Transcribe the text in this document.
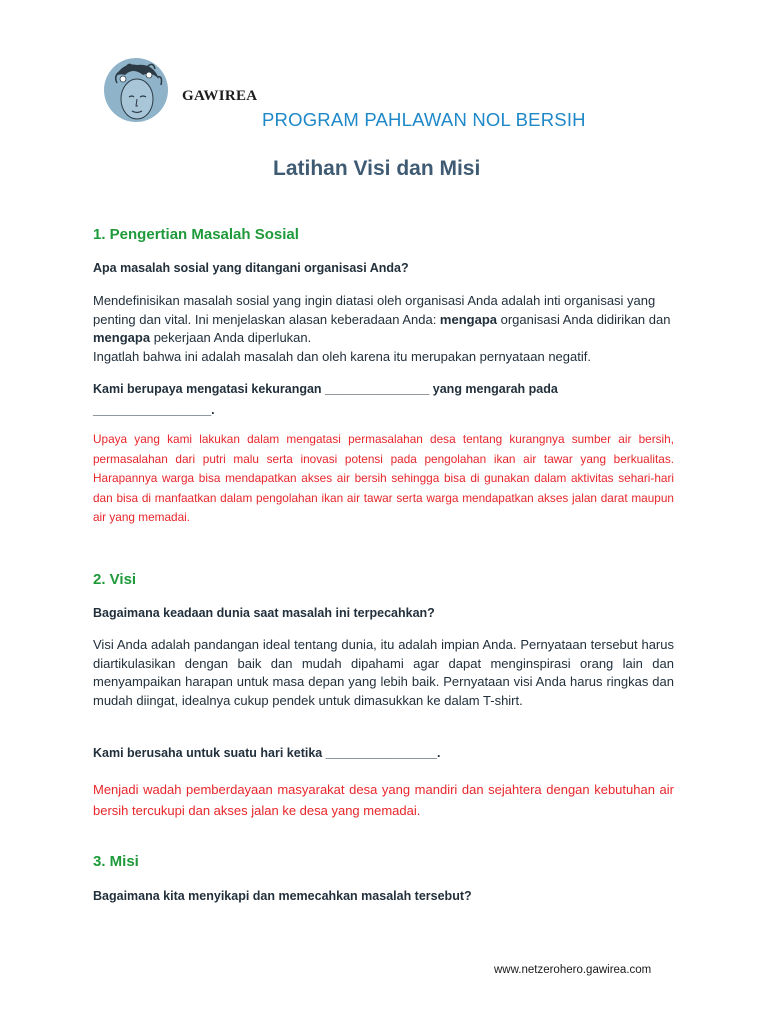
GAWIREA
PROGRAM PAHLAWAN NOL BERSIH
Latihan Visi dan Misi
1. Pengertian Masalah Sosial
Apa masalah sosial yang ditangani organisasi Anda?
Mendefinisikan masalah sosial yang ingin diatasi oleh organisasi Anda adalah inti organisasi yang penting dan vital. Ini menjelaskan alasan keberadaan Anda: mengapa organisasi Anda didirikan dan mengapa pekerjaan Anda diperlukan.
Ingatlah bahwa ini adalah masalah dan oleh karena itu merupakan pernyataan negatif.
Kami berupaya mengatasi kekurangan _______________ yang mengarah pada _________________.
Upaya yang kami lakukan dalam mengatasi permasalahan desa tentang kurangnya sumber air bersih, permasalahan dari putri malu serta inovasi potensi pada pengolahan ikan air tawar yang berkualitas. Harapannya warga bisa mendapatkan akses air bersih sehingga bisa di gunakan dalam aktivitas sehari-hari dan bisa di manfaatkan dalam pengolahan ikan air tawar serta warga mendapatkan akses jalan darat maupun air yang memadai.
2. Visi
Bagaimana keadaan dunia saat masalah ini terpecahkan?
Visi Anda adalah pandangan ideal tentang dunia, itu adalah impian Anda. Pernyataan tersebut harus diartikulasikan dengan baik dan mudah dipahami agar dapat menginspirasi orang lain dan menyampaikan harapan untuk masa depan yang lebih baik. Pernyataan visi Anda harus ringkas dan mudah diingat, idealnya cukup pendek untuk dimasukkan ke dalam T-shirt.
Kami berusaha untuk suatu hari ketika ________________.
Menjadi wadah pemberdayaan masyarakat desa yang mandiri dan sejahtera dengan kebutuhan air bersih tercukupi dan akses jalan ke desa yang memadai.
3. Misi
Bagaimana kita menyikapi dan memecahkan masalah tersebut?
www.netzerohero.gawirea.com
